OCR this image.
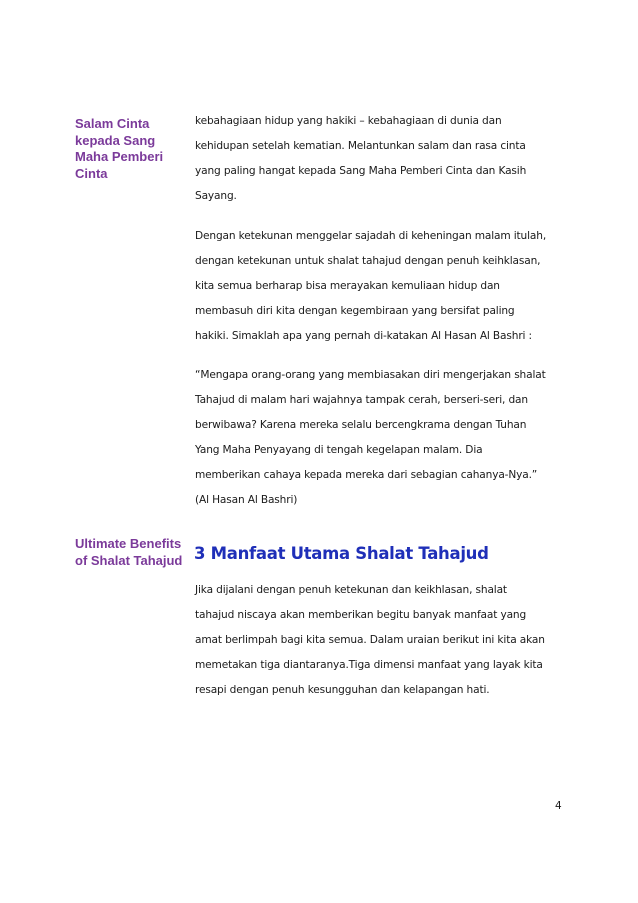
Salam Cinta
kepada Sang
Maha Pemberi
Cinta

kebahagiaan hidup yang hakiki – kebahagiaan di dunia dan
kehidupan setelah kematian. Melantunkan salam dan rasa cinta
yang paling hangat kepada Sang Maha Pemberi Cinta dan Kasih
Sayang.

Dengan ketekunan menggelar sajadah di keheningan malam itulah,
dengan ketekunan untuk shalat tahajud dengan penuh keihklasan,
kita semua berharap bisa merayakan kemuliaan hidup dan
membasuh diri kita dengan kegembiraan yang bersifat paling
hakiki. Simaklah apa yang pernah di-katakan Al Hasan Al Bashri :

“Mengapa orang-orang yang membiasakan diri mengerjakan shalat
Tahajud di malam hari wajahnya tampak cerah, berseri-seri, dan
berwibawa? Karena mereka selalu bercengkrama dengan Tuhan
Yang Maha Penyayang di tengah kegelapan malam. Dia
memberikan cahaya kepada mereka dari sebagian cahanya-Nya.”
(Al Hasan Al Bashri)

Ultimate Benefits
of Shalat Tahajud 3 Manfaat Utama Shalat Tahajud

Jika dijalani dengan penuh ketekunan dan keikhlasan, shalat
tahajud niscaya akan memberikan begitu banyak manfaat yang
amat berlimpah bagi kita semua. Dalam uraian berikut ini kita akan
memetakan tiga diantaranya.Tiga dimensi manfaat yang layak kita
resapi dengan penuh kesungguhan dan kelapangan hati.

4
